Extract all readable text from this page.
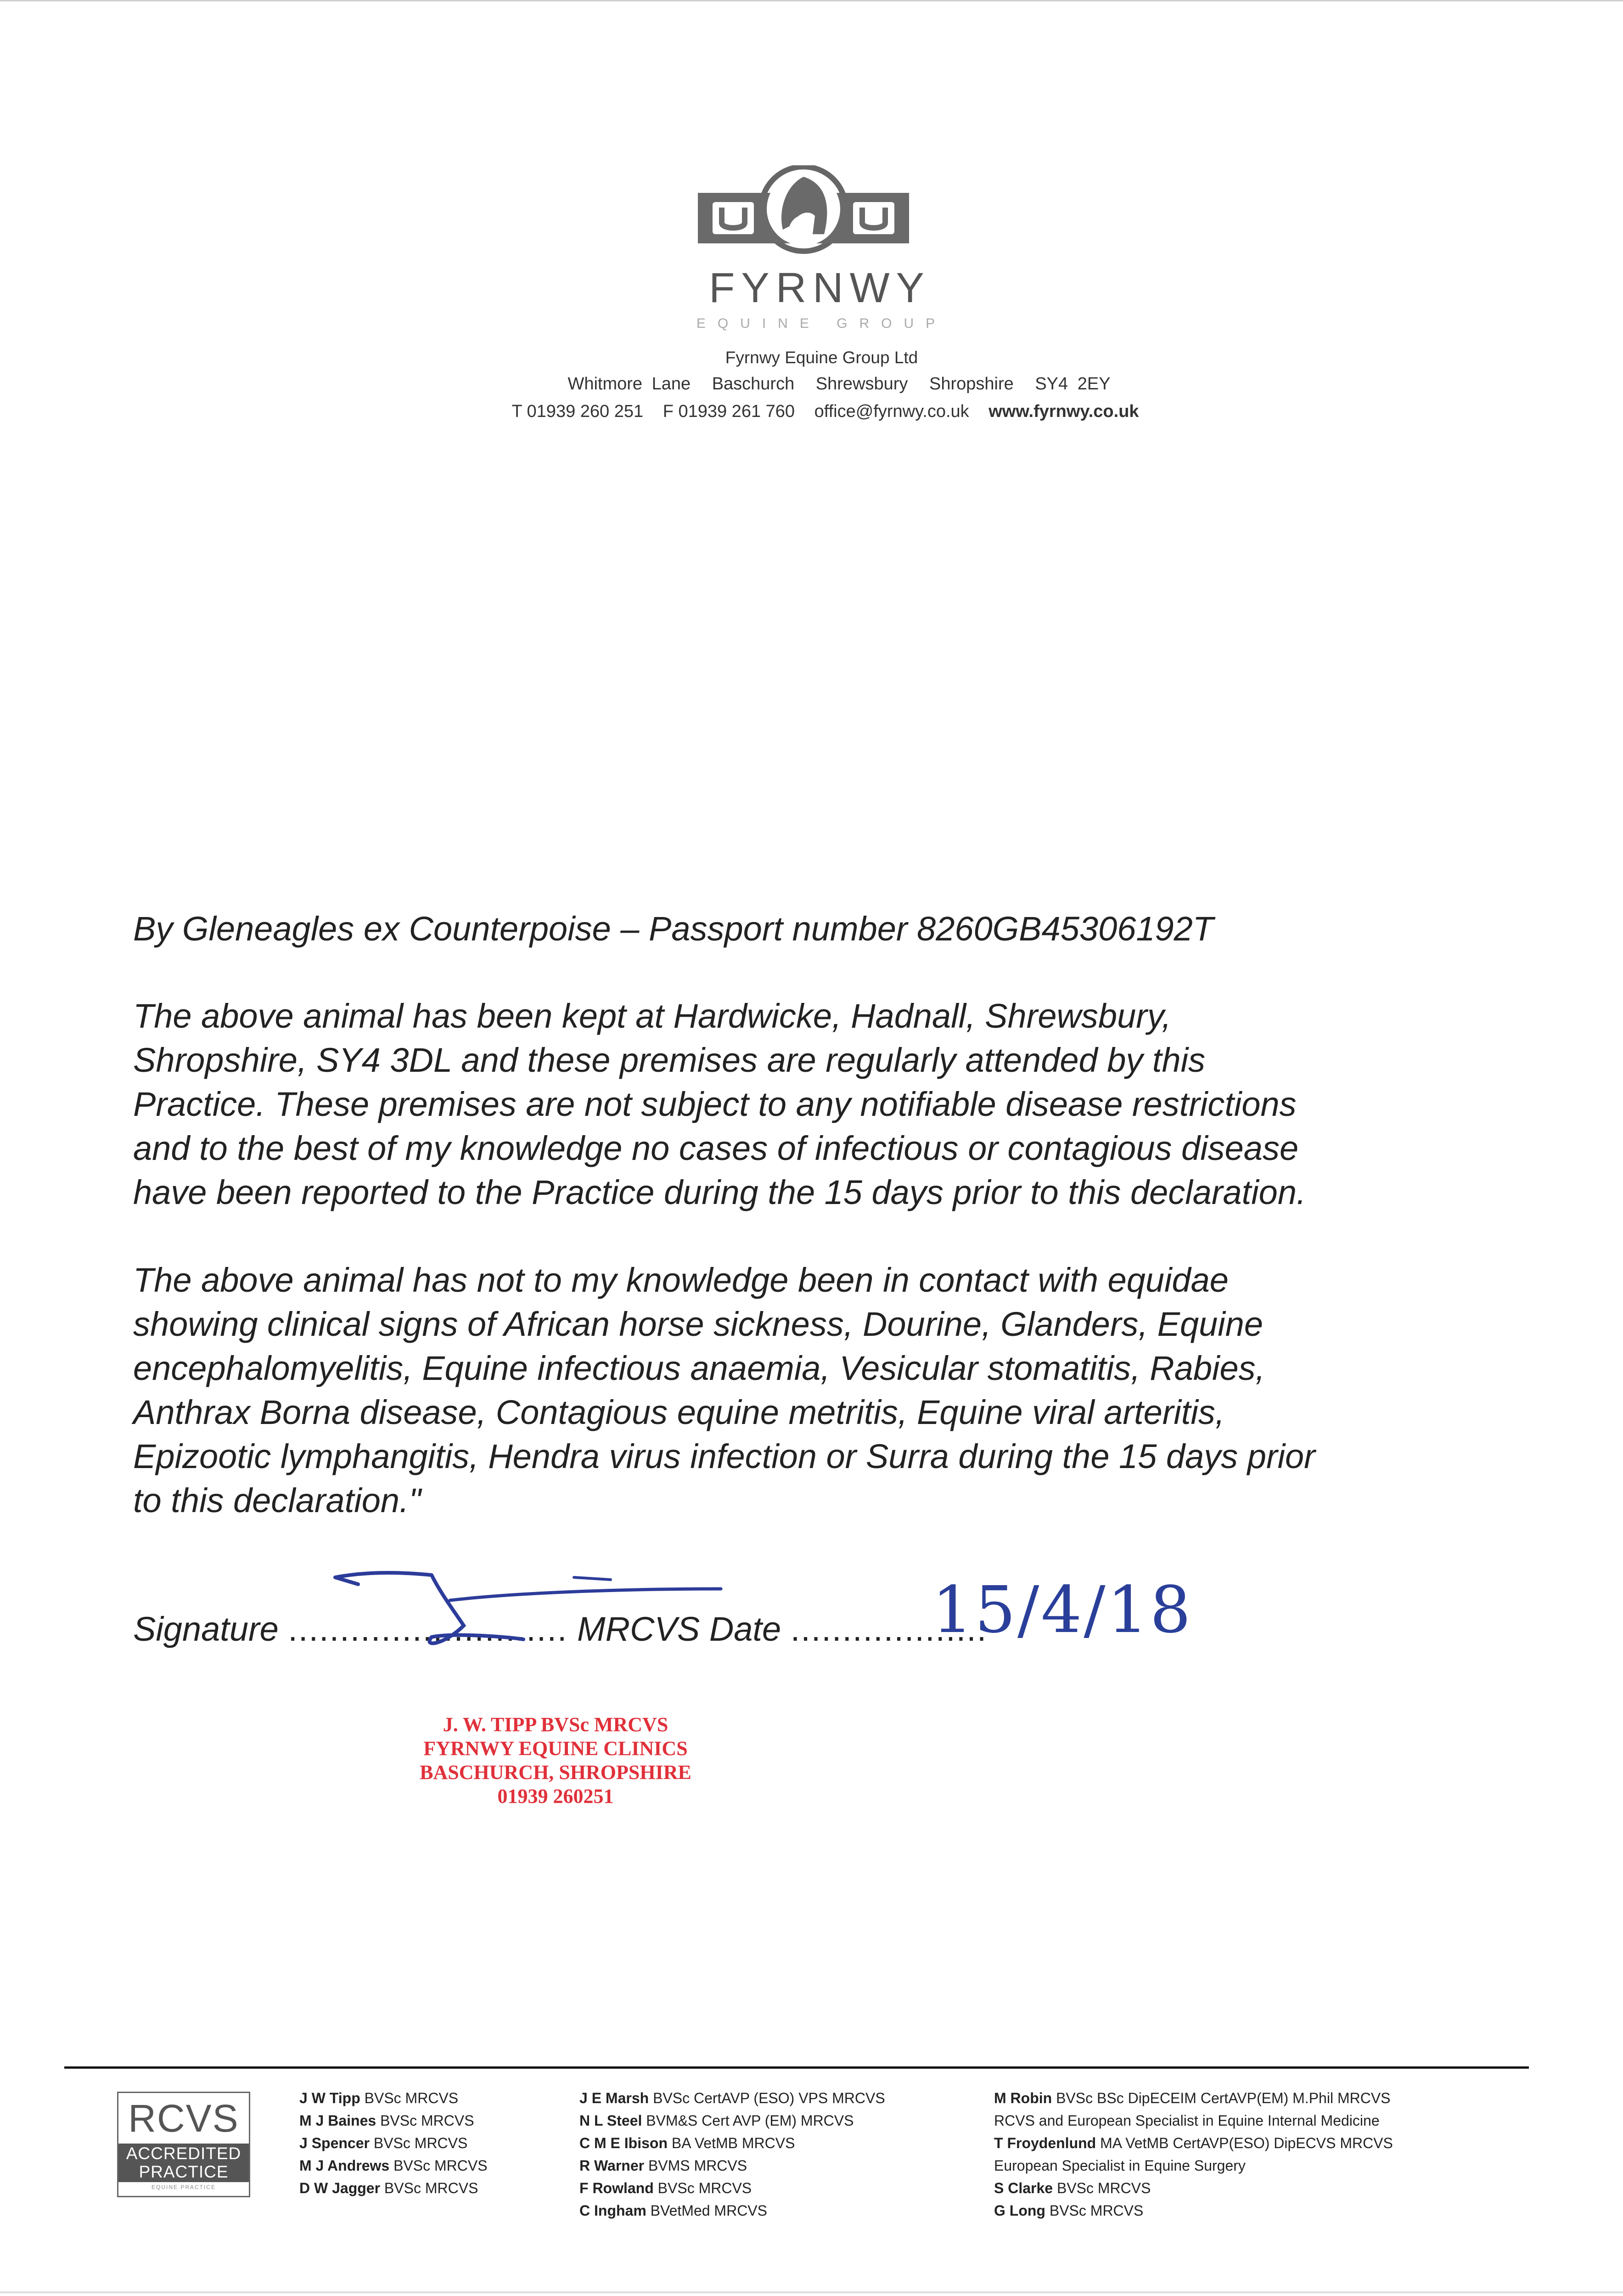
FYRNWY
EQUINE GROUP
Fyrnwy Equine Group Ltd
Whitmore Lane Baschurch Shrewsbury Shropshire SY4 2EY
T 01939 260 251 F 01939 261 760 office@fyrnwy.co.uk www.fyrnwy.co.uk
By Gleneagles ex Counterpoise – Passport number 8260GB45306192T
The above animal has been kept at Hardwicke, Hadnall, Shrewsbury,
Shropshire, SY4 3DL and these premises are regularly attended by this
Practice. These premises are not subject to any notifiable disease restrictions
and to the best of my knowledge no cases of infectious or contagious disease
have been reported to the Practice during the 15 days prior to this declaration.
The above animal has not to my knowledge been in contact with equidae
showing clinical signs of African horse sickness, Dourine, Glanders, Equine
encephalomyelitis, Equine infectious anaemia, Vesicular stomatitis, Rabies,
Anthrax Borna disease, Contagious equine metritis, Equine viral arteritis,
Epizootic lymphangitis, Hendra virus infection or Surra during the 15 days prior
to this declaration."
Signature ........................... MRCVS Date ...................
15/4/18
J. W. TIPP BVSc MRCVS
FYRNWY EQUINE CLINICS
BASCHURCH, SHROPSHIRE
01939 260251
RCVS
ACCREDITED
PRACTICE
EQUINE PRACTICE
J W Tipp BVSc MRCVS
M J Baines BVSc MRCVS
J Spencer BVSc MRCVS
M J Andrews BVSc MRCVS
D W Jagger BVSc MRCVS
J E Marsh BVSc CertAVP (ESO) VPS MRCVS
N L Steel BVM&S Cert AVP (EM) MRCVS
C M E Ibison BA VetMB MRCVS
R Warner BVMS MRCVS
F Rowland BVSc MRCVS
C Ingham BVetMed MRCVS
M Robin BVSc BSc DipECEIM CertAVP(EM) M.Phil MRCVS
RCVS and European Specialist in Equine Internal Medicine
T Froydenlund MA VetMB CertAVP(ESO) DipECVS MRCVS
European Specialist in Equine Surgery
S Clarke BVSc MRCVS
G Long BVSc MRCVS
